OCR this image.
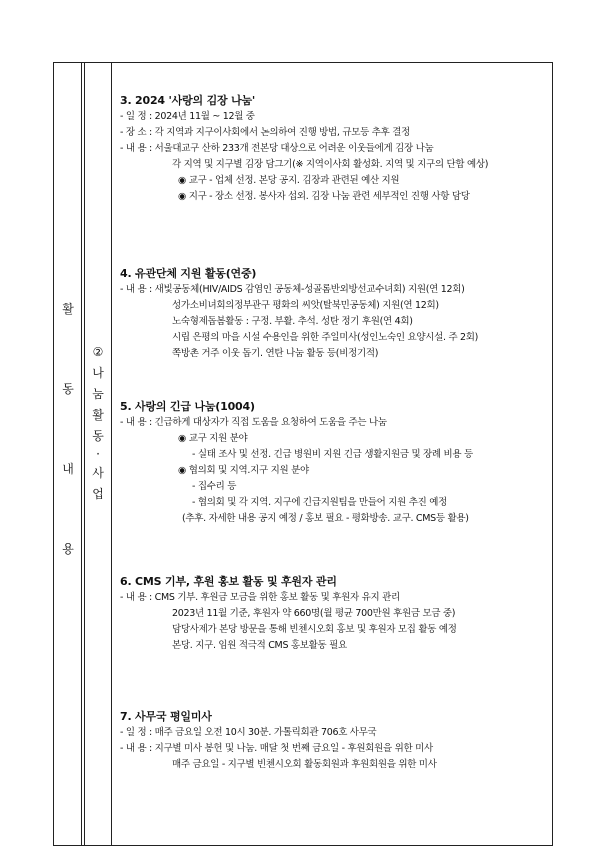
활
동
내
용
②
나
눔
활
동
·
사
업
3. 2024 '사랑의 김장 나눔'
- 일 정 : 2024년 11월 ~ 12월 중
- 장 소 : 각 지역과 지구이사회에서 논의하여 진행 방법, 규모등 추후 결정
- 내 용 : 서울대교구 산하 233개 전본당 대상으로 어려운 이웃들에게 김장 나눔
각 지역 및 지구별 김장 담그기(※ 지역이사회 활성화. 지역 및 지구의 단합 예상)
◉ 교구 - 업체 선정. 본당 공지. 김장과 관련된 예산 지원
◉ 지구 - 장소 선정. 봉사자 섭외. 김장 나눔 관련 세부적인 진행 사항 담당
4. 유관단체 지원 활동(연중)
- 내 용 : 새빛공동체(HIV/AIDS 감염인 공동체-성골롬반외방선교수녀회) 지원(연 12회)
성가소비녀회의정부관구 평화의 씨앗(탈북민공동체) 지원(연 12회)
노숙형제돕봄활동 : 구정. 부활. 추석. 성탄 정기 후원(연 4회)
시립 은평의 마을 시설 수용인을 위한 주일미사(성인노숙인 요양시설. 주 2회)
쪽방촌 거주 이웃 돕기. 연탄 나눔 활동 등(비정기적)
5. 사랑의 긴급 나눔(1004)
- 내 용 : 긴급하게 대상자가 직접 도움을 요청하여 도움을 주는 나눔
◉ 교구 지원 분야
- 실태 조사 및 선정. 긴급 병원비 지원 긴급 생활지원금 및 장례 비용 등
◉ 협의회 및 지역.지구 지원 분야
- 집수리 등
- 협의회 및 각 지역. 지구에 긴급지원팀을 만들어 지원 추진 예정
(추후. 자세한 내용 공지 예정 / 홍보 필요 - 평화방송. 교구. CMS등 활용)
6. CMS 기부, 후원 홍보 활동 및 후원자 관리
- 내 용 : CMS 기부. 후원금 모금을 위한 홍보 활동 및 후원자 유지 관리
2023년 11월 기준, 후원자 약 660명(월 평균 700만원 후원금 모금 중)
담당사제가 본당 방문을 통해 빈첸시오회 홍보 및 후원자 모집 활동 예정
본당. 지구. 임원 적극적 CMS 홍보활동 필요
7. 사무국 평일미사
- 일 정 : 매주 금요일 오전 10시 30분. 가톨릭회관 706호 사무국
- 내 용 : 지구별 미사 봉헌 및 나눔. 매달 첫 번째 금요일 - 후원회원을 위한 미사
매주 금요일 - 지구별 빈첸시오회 활동회원과 후원회원을 위한 미사
